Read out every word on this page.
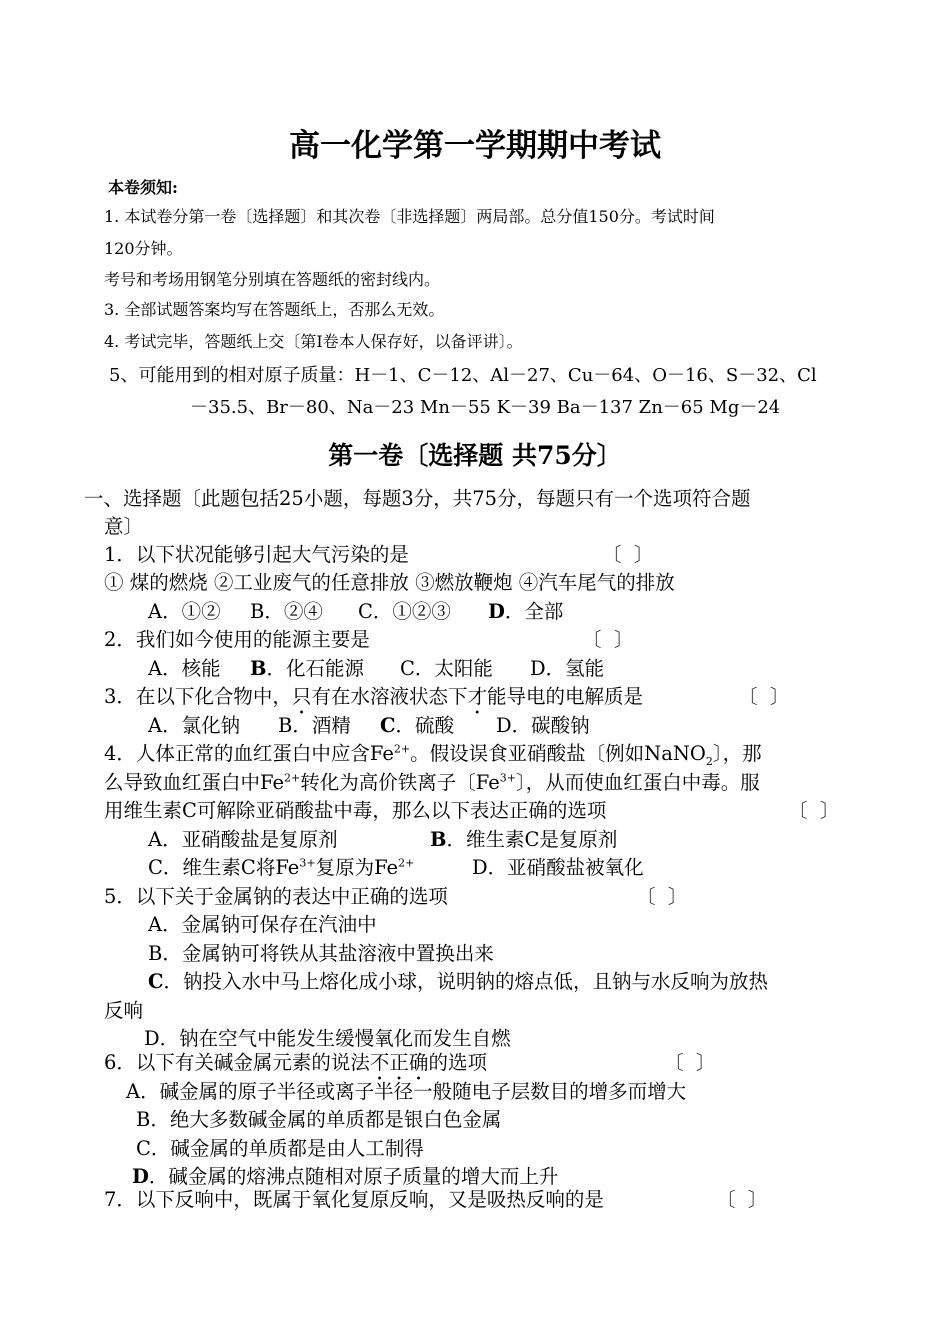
高一化学第一学期期中考试
本卷须知:
1. 本试卷分第一卷〔选择题〕和其次卷〔非选择题〕两局部。总分值150分。考试时间
120分钟。
考号和考场用钢笔分别填在答题纸的密封线内。
3. 全部试题答案均写在答题纸上，否那么无效。
4. 考试完毕，答题纸上交〔第I卷本人保存好，以备评讲〕。
5、可能用到的相对原子质量：H－1、C－12、Al－27、Cu－64、O－16、S－32、Cl
－35.5、Br－80、Na－23 Mn－55 K－39 Ba－137 Zn－65 Mg－24
第一卷〔选择题 共75分〕
一、选择题〔此题包括25小题，每题3分，共75分，每题只有一个选项符合题
意〕
1．以下状况能够引起大气污染的是	〔  〕
① 煤的燃烧 ②工业废气的任意排放 ③燃放鞭炮 ④汽车尾气的排放
A．①② B．②④ C．①②③ D．全部
2．我们如今使用的能源主要是	〔  〕
A．核能 B．化石能源 C．太阳能 D．氢能
3．在以下化合物中，只有在水溶液状态下才能导电的电解质是	〔  〕
A．氯化钠 B．酒精 C．硫酸 D．碳酸钠
4．人体正常的血红蛋白中应含$Fe^{2+}$。假设误食亚硝酸盐〔例如NaNO$_2$〕，那
么导致血红蛋白中$Fe^{2+}$转化为高价铁离子〔$Fe^{3+}$〕，从而使血红蛋白中毒。服
用维生素C可解除亚硝酸盐中毒，那么以下表达正确的选项	〔  〕
A．亚硝酸盐是复原剂	B．维生素C是复原剂
C．维生素C将$Fe^{3+}$复原为$Fe^{2+}$	D．亚硝酸盐被氧化
5．以下关于金属钠的表达中正确的选项	〔  〕
A．金属钠可保存在汽油中
B．金属钠可将铁从其盐溶液中置换出来
C．钠投入水中马上熔化成小球，说明钠的熔点低，且钠与水反响为放热
反响
D．钠在空气中能发生缓慢氧化而发生自燃
6．以下有关碱金属元素的说法不正确的选项	〔  〕
A．碱金属的原子半径或离子半径一般随电子层数目的增多而增大
B．绝大多数碱金属的单质都是银白色金属
C．碱金属的单质都是由人工制得
D．碱金属的熔沸点随相对原子质量的增大而上升
7．以下反响中，既属于氧化复原反响，又是吸热反响的是	〔  〕
